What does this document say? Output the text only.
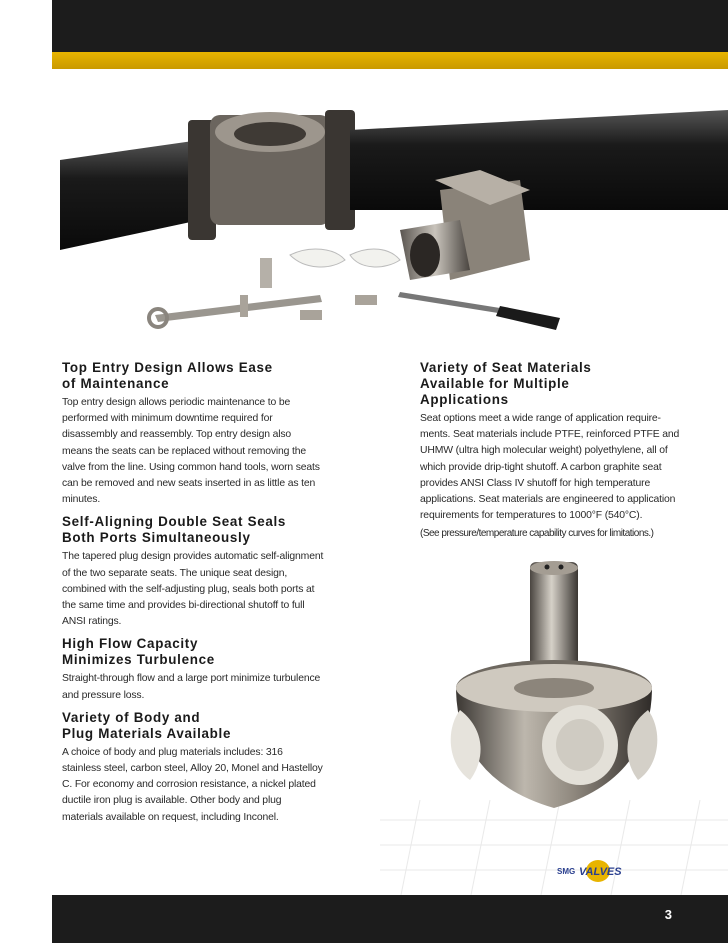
Top Entry Design Allows Ease
of Maintenance

Top entry design allows periodic maintenance to be performed with minimum downtime required for disassembly and reassembly. Top entry design also means the seats can be replaced without removing the valve from the line. Using common hand tools, worn seats can be removed and new seats inserted in as little as ten minutes.

Self-Aligning Double Seat Seals
Both Ports Simultaneously

The tapered plug design provides automatic self-alignment of the two separate seats. The unique seat design, combined with the self-adjusting plug, seals both ports at the same time and provides bi-directional shutoff to full ANSI ratings.

High Flow Capacity
Minimizes Turbulence

Straight-through flow and a large port minimize turbulence and pressure loss.

Variety of Body and
Plug Materials Available

A choice of body and plug materials includes: 316 stainless steel, carbon steel, Alloy 20, Monel and Hastelloy C. For economy and corrosion resistance, a nickel plated ductile iron plug is available. Other body and plug materials available on request, including Inconel.

Variety of Seat Materials
Available for Multiple
Applications

Seat options meet a wide range of application require-ments. Seat materials include PTFE, reinforced PTFE and UHMW (ultra high molecular weight) polyethylene, all of which provide drip-tight shutoff. A carbon graphite seat provides ANSI Class IV shutoff for high temperature applications. Seat materials are engineered to application requirements for temperatures to 1000°F (540°C).

(See pressure/temperature capability curves for limitations.)

SMG VALVES
3
